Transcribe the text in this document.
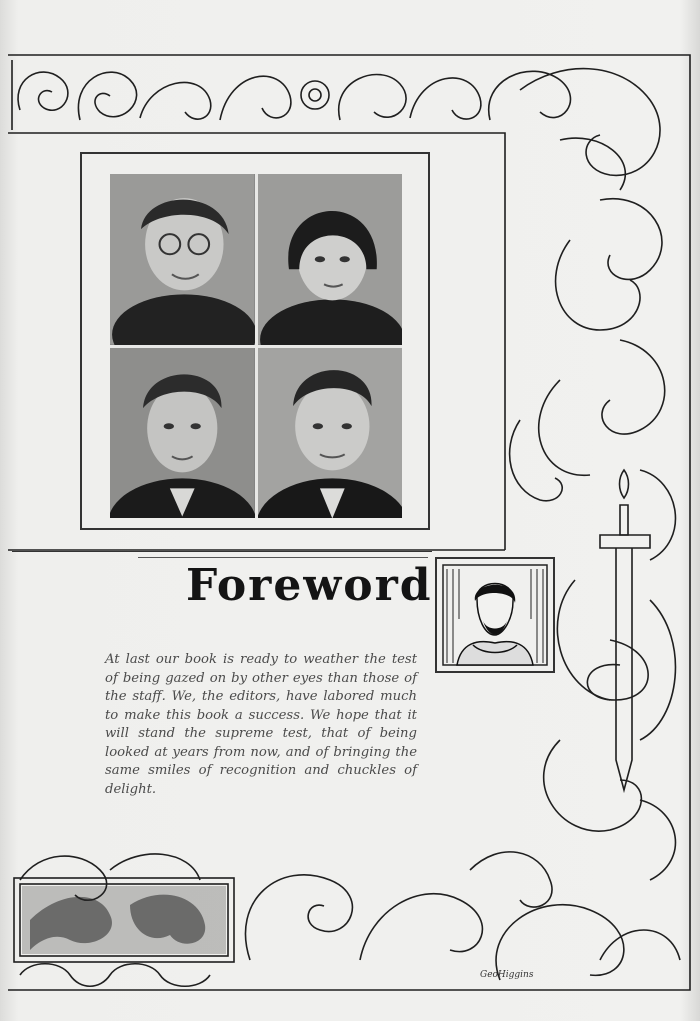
Foreword

At last our book is ready to weather the test of being gazed on by other eyes than those of the staff. We, the editors, have labored much to make this book a success. We hope that it will stand the supreme test, that of being looked at years from now, and of bringing the same smiles of recognition and chuckles of delight.

GeoHiggins
